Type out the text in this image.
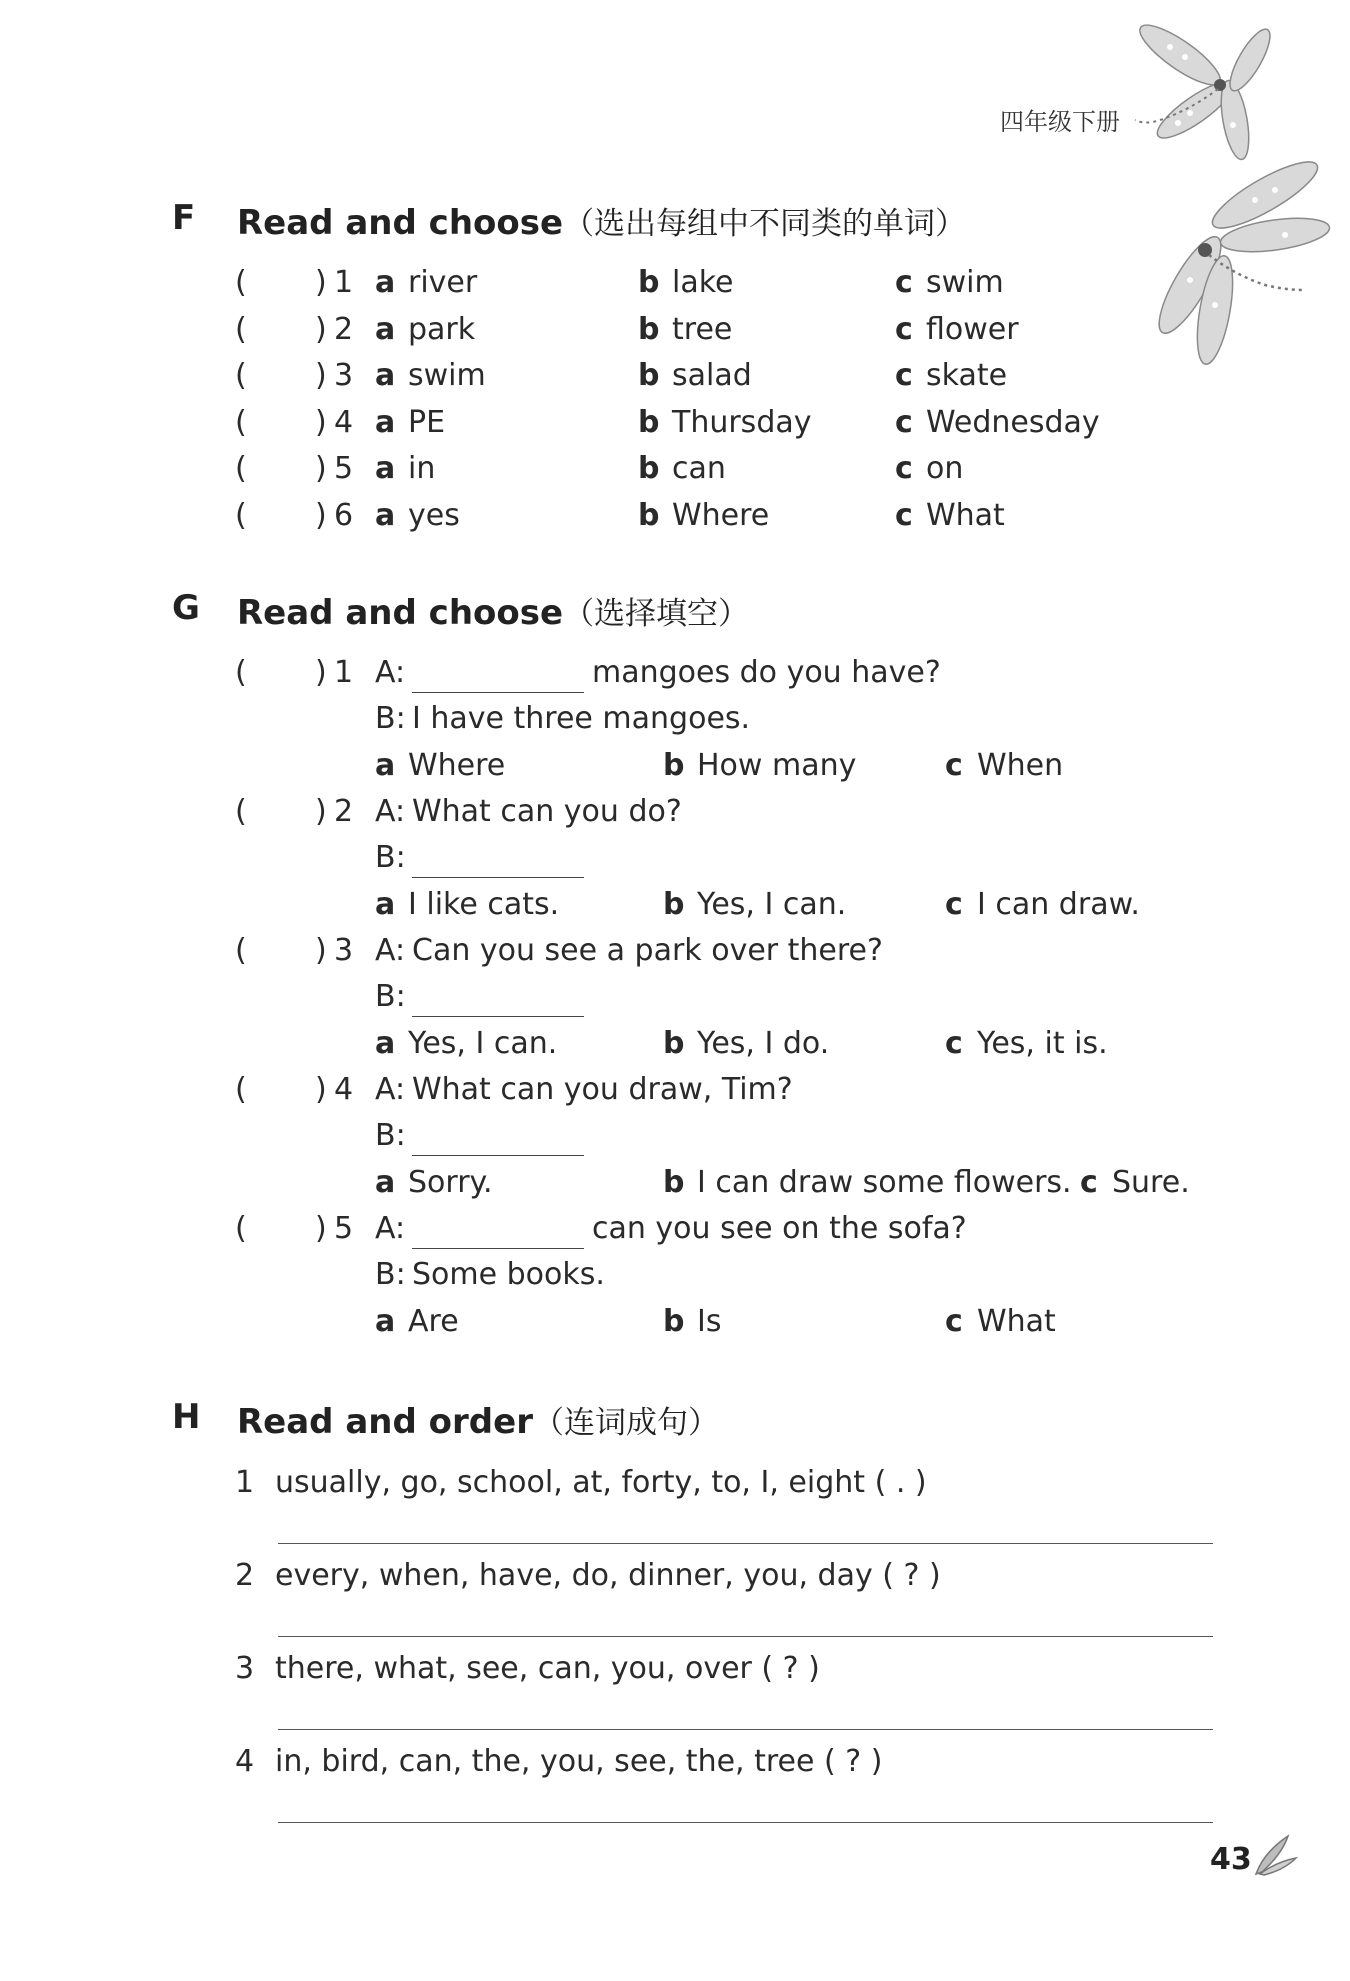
四年级下册
F Read and choose（选出每组中不同类的单词）
( ) 1 a river	b lake	c swim
( ) 2 a park	b tree	c flower
( ) 3 a swim	b salad	c skate
( ) 4 a PE	b Thursday	c Wednesday
( ) 5 a in	b can	c on
( ) 6 a yes	b Where	c What
G Read and choose（选择填空）
( ) 1 A:	mangoes do you have?
B: I have three mangoes.
a Where	b How many	c When
( ) 2 A: What can you do?
B:
a I like cats.	b Yes, I can.	c I can draw.
( ) 3 A: Can you see a park over there?
B:
a Yes, I can.	b Yes, I do.	c Yes, it is.
( ) 4 A: What can you draw, Tim?
B:
a Sorry.	b I can draw some flowers. c Sure.
( ) 5 A:	can you see on the sofa?
B: Some books.
a Are	b Is	c What
H Read and order（连词成句）
1 usually, go, school, at, forty, to, I, eight ( . )
2 every, when, have, do, dinner, you, day ( ? )
3 there, what, see, can, you, over ( ? )
4 in, bird, can, the, you, see, the, tree ( ? )
43
